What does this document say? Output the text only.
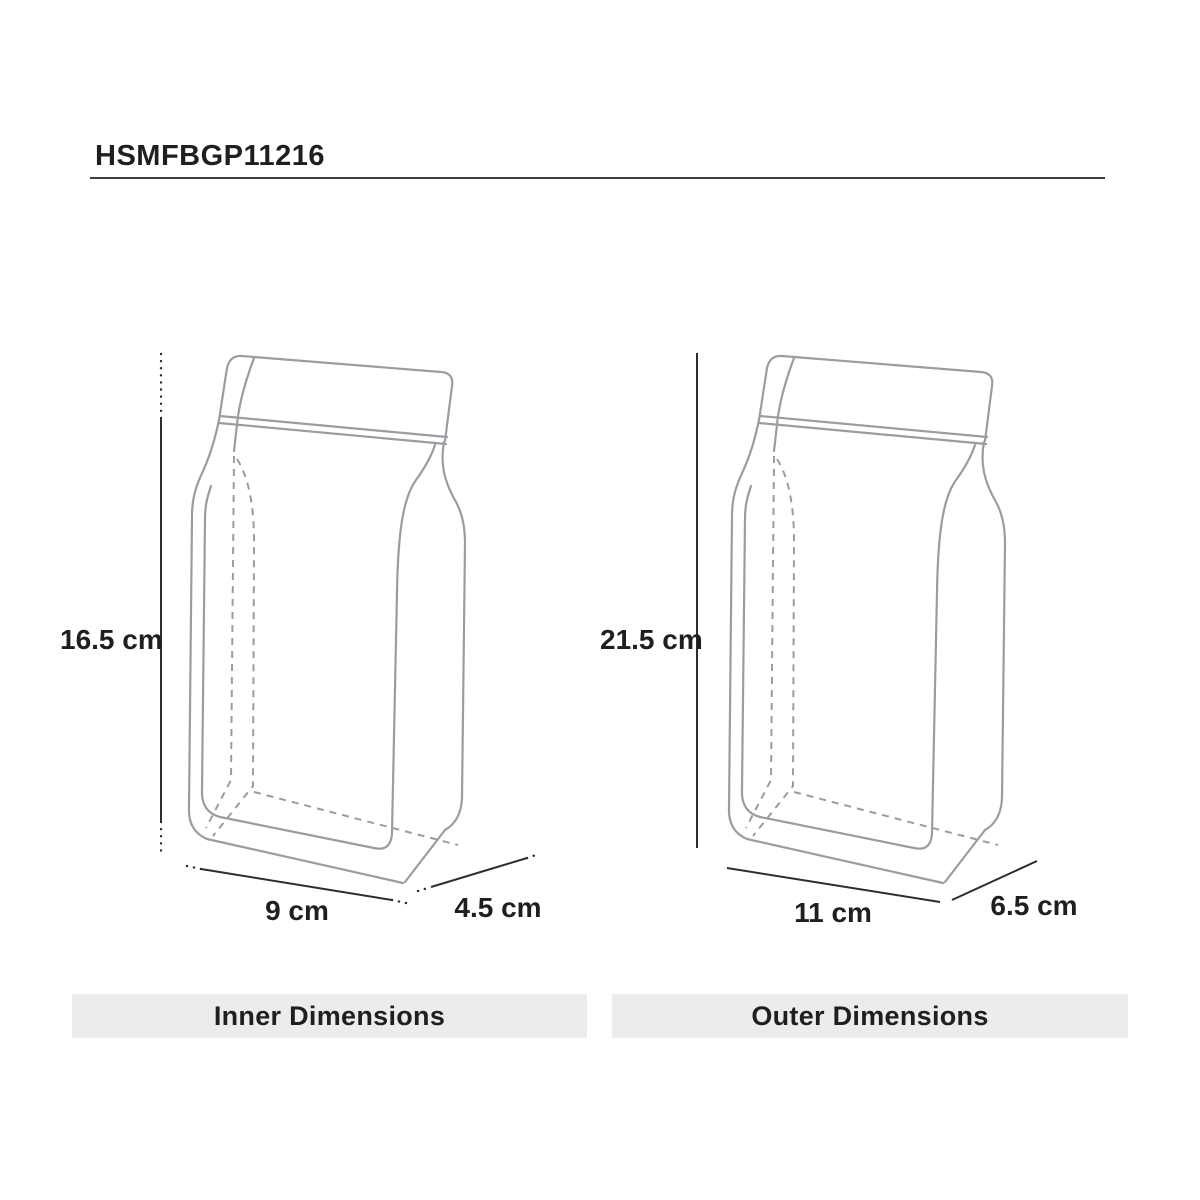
HSMFBGP11216
16.5 cm
9 cm	4.5 cm
Inner Dimensions
21.5 cm
11 cm	6.5 cm
Outer Dimensions
